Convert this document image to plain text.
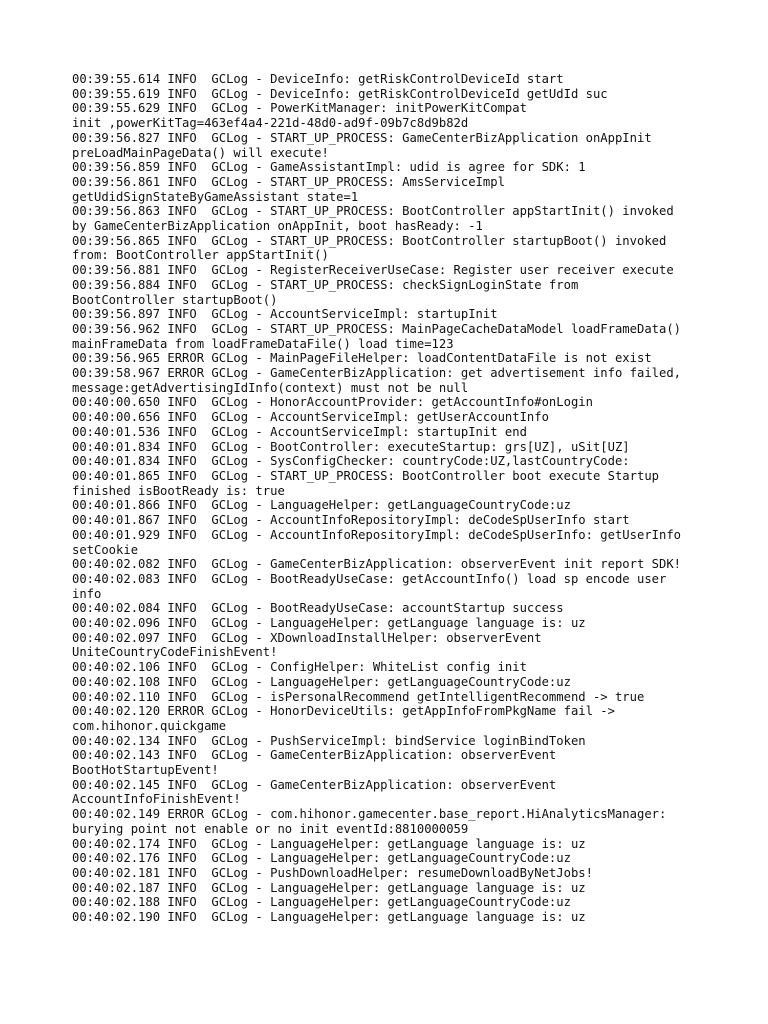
00:39:55.614 INFO  GCLog - DeviceInfo: getRiskControlDeviceId start
00:39:55.619 INFO  GCLog - DeviceInfo: getRiskControlDeviceId getUdId suc
00:39:55.629 INFO  GCLog - PowerKitManager: initPowerKitCompat
init ,powerKitTag=463ef4a4-221d-48d0-ad9f-09b7c8d9b82d
00:39:56.827 INFO  GCLog - START_UP_PROCESS: GameCenterBizApplication onAppInit
preLoadMainPageData() will execute!
00:39:56.859 INFO  GCLog - GameAssistantImpl: udid is agree for SDK: 1
00:39:56.861 INFO  GCLog - START_UP_PROCESS: AmsServiceImpl
getUdidSignStateByGameAssistant state=1
00:39:56.863 INFO  GCLog - START_UP_PROCESS: BootController appStartInit() invoked
by GameCenterBizApplication onAppInit, boot hasReady: -1
00:39:56.865 INFO  GCLog - START_UP_PROCESS: BootController startupBoot() invoked
from: BootController appStartInit()
00:39:56.881 INFO  GCLog - RegisterReceiverUseCase: Register user receiver execute
00:39:56.884 INFO  GCLog - START_UP_PROCESS: checkSignLoginState from
BootController startupBoot()
00:39:56.897 INFO  GCLog - AccountServiceImpl: startupInit
00:39:56.962 INFO  GCLog - START_UP_PROCESS: MainPageCacheDataModel loadFrameData()
mainFrameData from loadFrameDataFile() load time=123
00:39:56.965 ERROR GCLog - MainPageFileHelper: loadContentDataFile is not exist
00:39:58.967 ERROR GCLog - GameCenterBizApplication: get advertisement info failed,
message:getAdvertisingIdInfo(context) must not be null
00:40:00.650 INFO  GCLog - HonorAccountProvider: getAccountInfo#onLogin
00:40:00.656 INFO  GCLog - AccountServiceImpl: getUserAccountInfo
00:40:01.536 INFO  GCLog - AccountServiceImpl: startupInit end
00:40:01.834 INFO  GCLog - BootController: executeStartup: grs[UZ], uSit[UZ]
00:40:01.834 INFO  GCLog - SysConfigChecker: countryCode:UZ,lastCountryCode:
00:40:01.865 INFO  GCLog - START_UP_PROCESS: BootController boot execute Startup
finished isBootReady is: true
00:40:01.866 INFO  GCLog - LanguageHelper: getLanguageCountryCode:uz
00:40:01.867 INFO  GCLog - AccountInfoRepositoryImpl: deCodeSpUserInfo start
00:40:01.929 INFO  GCLog - AccountInfoRepositoryImpl: deCodeSpUserInfo: getUserInfo
setCookie
00:40:02.082 INFO  GCLog - GameCenterBizApplication: observerEvent init report SDK!
00:40:02.083 INFO  GCLog - BootReadyUseCase: getAccountInfo() load sp encode user
info
00:40:02.084 INFO  GCLog - BootReadyUseCase: accountStartup success
00:40:02.096 INFO  GCLog - LanguageHelper: getLanguage language is: uz
00:40:02.097 INFO  GCLog - XDownloadInstallHelper: observerEvent
UniteCountryCodeFinishEvent!
00:40:02.106 INFO  GCLog - ConfigHelper: WhiteList config init
00:40:02.108 INFO  GCLog - LanguageHelper: getLanguageCountryCode:uz
00:40:02.110 INFO  GCLog - isPersonalRecommend getIntelligentRecommend -> true
00:40:02.120 ERROR GCLog - HonorDeviceUtils: getAppInfoFromPkgName fail ->
com.hihonor.quickgame
00:40:02.134 INFO  GCLog - PushServiceImpl: bindService loginBindToken
00:40:02.143 INFO  GCLog - GameCenterBizApplication: observerEvent
BootHotStartupEvent!
00:40:02.145 INFO  GCLog - GameCenterBizApplication: observerEvent
AccountInfoFinishEvent!
00:40:02.149 ERROR GCLog - com.hihonor.gamecenter.base_report.HiAnalyticsManager:
burying point not enable or no init eventId:8810000059
00:40:02.174 INFO  GCLog - LanguageHelper: getLanguage language is: uz
00:40:02.176 INFO  GCLog - LanguageHelper: getLanguageCountryCode:uz
00:40:02.181 INFO  GCLog - PushDownloadHelper: resumeDownloadByNetJobs!
00:40:02.187 INFO  GCLog - LanguageHelper: getLanguage language is: uz
00:40:02.188 INFO  GCLog - LanguageHelper: getLanguageCountryCode:uz
00:40:02.190 INFO  GCLog - LanguageHelper: getLanguage language is: uz
